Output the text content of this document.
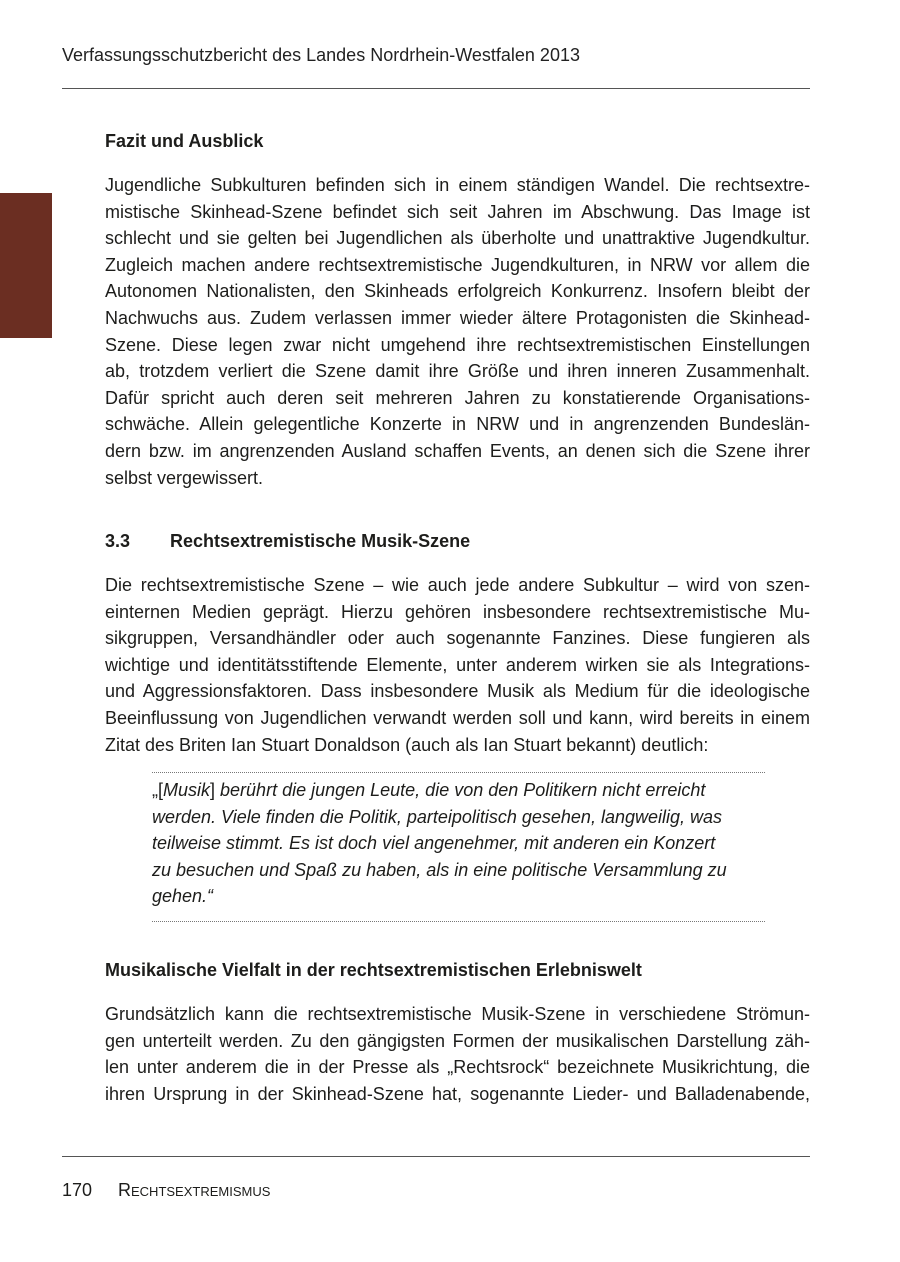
Verfassungsschutzbericht des Landes Nordrhein-Westfalen 2013
Fazit und Ausblick
Jugendliche Subkulturen befinden sich in einem ständigen Wandel. Die rechtsextre-
mistische Skinhead-Szene befindet sich seit Jahren im Abschwung. Das Image ist
schlecht und sie gelten bei Jugendlichen als überholte und unattraktive Jugendkultur.
Zugleich machen andere rechtsextremistische Jugendkulturen, in NRW vor allem die
Autonomen Nationalisten, den Skinheads erfolgreich Konkurrenz. Insofern bleibt der
Nachwuchs aus. Zudem verlassen immer wieder ältere Protagonisten die Skinhead-
Szene. Diese legen zwar nicht umgehend ihre rechtsextremistischen Einstellungen
ab, trotzdem verliert die Szene damit ihre Größe und ihren inneren Zusammenhalt.
Dafür spricht auch deren seit mehreren Jahren zu konstatierende Organisations-
schwäche. Allein gelegentliche Konzerte in NRW und in angrenzenden Bundeslän-
dern bzw. im angrenzenden Ausland schaffen Events, an denen sich die Szene ihrer
selbst vergewissert.
3.3 Rechtsextremistische Musik-Szene
Die rechtsextremistische Szene – wie auch jede andere Subkultur – wird von szen-
einternen Medien geprägt. Hierzu gehören insbesondere rechtsextremistische Mu-
sikgruppen, Versandhändler oder auch sogenannte Fanzines. Diese fungieren als
wichtige und identitätsstiftende Elemente, unter anderem wirken sie als Integrations-
und Aggressionsfaktoren. Dass insbesondere Musik als Medium für die ideologische
Beeinflussung von Jugendlichen verwandt werden soll und kann, wird bereits in einem
Zitat des Briten Ian Stuart Donaldson (auch als Ian Stuart bekannt) deutlich:
„[Musik] berührt die jungen Leute, die von den Politikern nicht erreicht
werden. Viele finden die Politik, parteipolitisch gesehen, langweilig, was
teilweise stimmt. Es ist doch viel angenehmer, mit anderen ein Konzert
zu besuchen und Spaß zu haben, als in eine politische Versammlung zu
gehen.“
Musikalische Vielfalt in der rechtsextremistischen Erlebniswelt
Grundsätzlich kann die rechtsextremistische Musik-Szene in verschiedene Strömun-
gen unterteilt werden. Zu den gängigsten Formen der musikalischen Darstellung zäh-
len unter anderem die in der Presse als „Rechtsrock“ bezeichnete Musikrichtung, die
ihren Ursprung in der Skinhead-Szene hat, sogenannte Lieder- und Balladenabende,
170 Rechtsextremismus
